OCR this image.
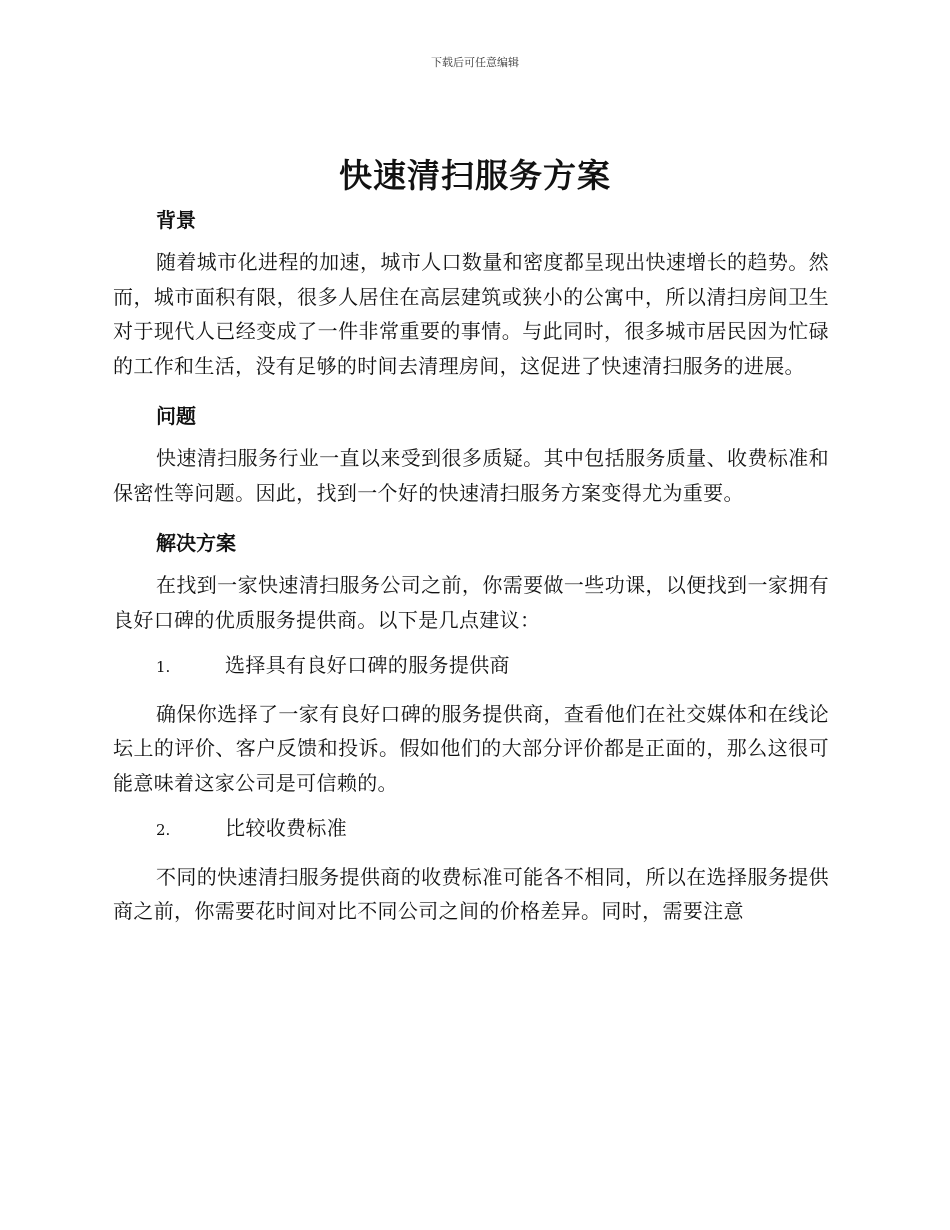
下载后可任意编辑
快速清扫服务方案
背景

随着城市化进程的加速，城市人口数量和密度都呈现出快速增长的趋势。然而，城市面积有限，很多人居住在高层建筑或狭小的公寓中，所以清扫房间卫生对于现代人已经变成了一件非常重要的事情。与此同时，很多城市居民因为忙碌的工作和生活，没有足够的时间去清理房间，这促进了快速清扫服务的进展。

问题

快速清扫服务行业一直以来受到很多质疑。其中包括服务质量、收费标准和保密性等问题。因此，找到一个好的快速清扫服务方案变得尤为重要。

解决方案

在找到一家快速清扫服务公司之前，你需要做一些功课，以便找到一家拥有良好口碑的优质服务提供商。以下是几点建议：

1.	选择具有良好口碑的服务提供商

确保你选择了一家有良好口碑的服务提供商，查看他们在社交媒体和在线论坛上的评价、客户反馈和投诉。假如他们的大部分评价都是正面的，那么这很可能意味着这家公司是可信赖的。

2.	比较收费标准

不同的快速清扫服务提供商的收费标准可能各不相同，所以在选择服务提供商之前，你需要花时间对比不同公司之间的价格差异。同时，需要注意
